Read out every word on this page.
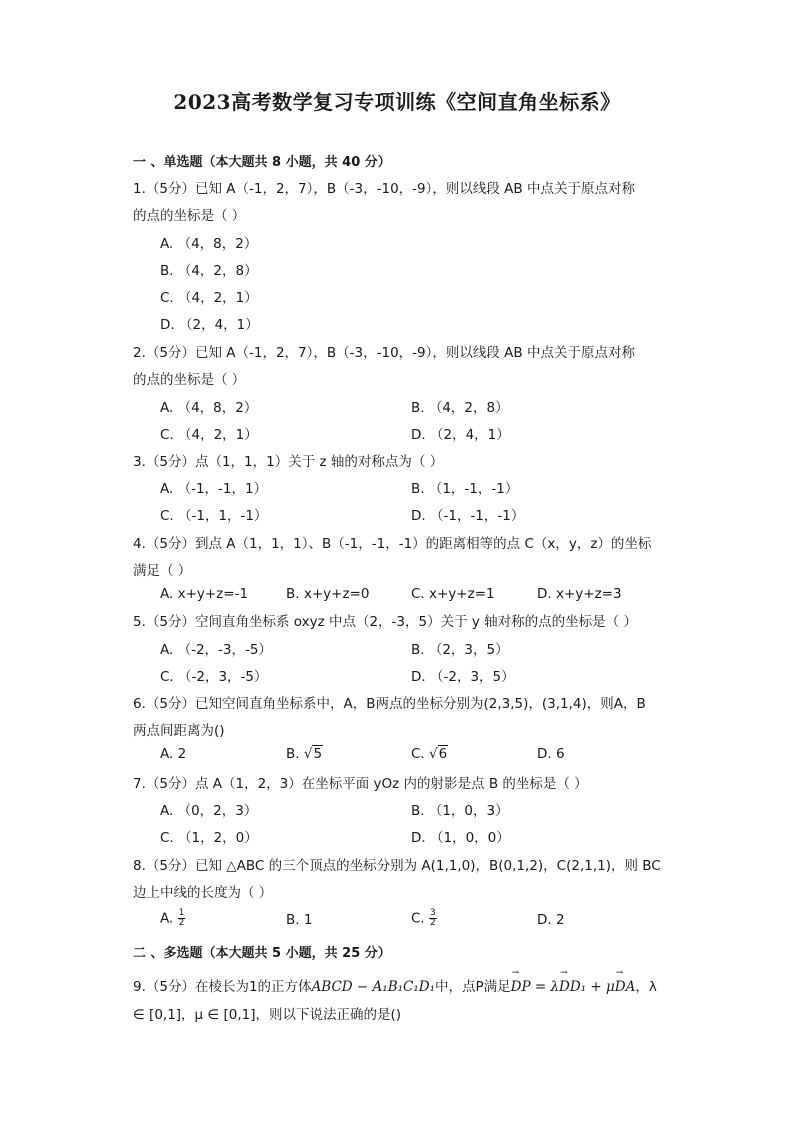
2023高考数学复习专项训练《空间直角坐标系》
一 、单选题（本大题共 8 小题，共 40 分）
1.（5分）已知 A（-1，2，7），B（-3，-10，-9），则以线段 AB 中点关于原点对称
的点的坐标是（ ）
A. （4，8，2）
B. （4，2，8）
C. （4，2，1）
D. （2，4，1）
2.（5分）已知 A（-1，2，7），B（-3，-10，-9），则以线段 AB 中点关于原点对称
的点的坐标是（ ）
A. （4，8，2）	B. （4，2，8）
C. （4，2，1）	D. （2，4，1）
3.（5分）点（1，1，1）关于 z 轴的对称点为（ ）
A. （-1，-1，1）	B. （1，-1，-1）
C. （-1，1，-1）	D. （-1，-1，-1）
4.（5分）到点 A（1，1，1）、B（-1，-1，-1）的距离相等的点 C（x，y，z）的坐标
满足（ ）
A. x+y+z=-1	B. x+y+z=0	C. x+y+z=1	D. x+y+z=3
5.（5分）空间直角坐标系 oxyz 中点（2，-3，5）关于 y 轴对称的点的坐标是（ ）
A. （-2，-3，-5）	B. （2，3，5）
C. （-2，3，-5）	D. （-2，3，5）
6.（5分）已知空间直角坐标系中，A，B两点的坐标分别为(2,3,5)，(3,1,4)，则A，B
两点间距离为()
A. 2	B. √5	C. √6	D. 6
7.（5分）点 A（1，2，3）在坐标平面 yOz 内的射影是点 B 的坐标是（ ）
A. （0，2，3）	B. （1，0，3）
C. （1，2，0）	D. （1，0，0）
8.（5分）已知 △ABC 的三个顶点的坐标分别为 A(1,1,0)，B(0,1,2)，C(2,1,1)，则 BC
边上中线的长度为（ ）
A. $\frac{1}{2}$	B. 1	C. $\frac{3}{2}$	D. 2
二 、多选题（本大题共 5 小题，共 25 分）
9.（5分）在棱长为1的正方体ABCD − A₁B₁C₁D₁中，点P满足→ DP = λ→ DD₁ + μ→ DA，λ
∈ [0,1]，μ ∈ [0,1]，则以下说法正确的是()
